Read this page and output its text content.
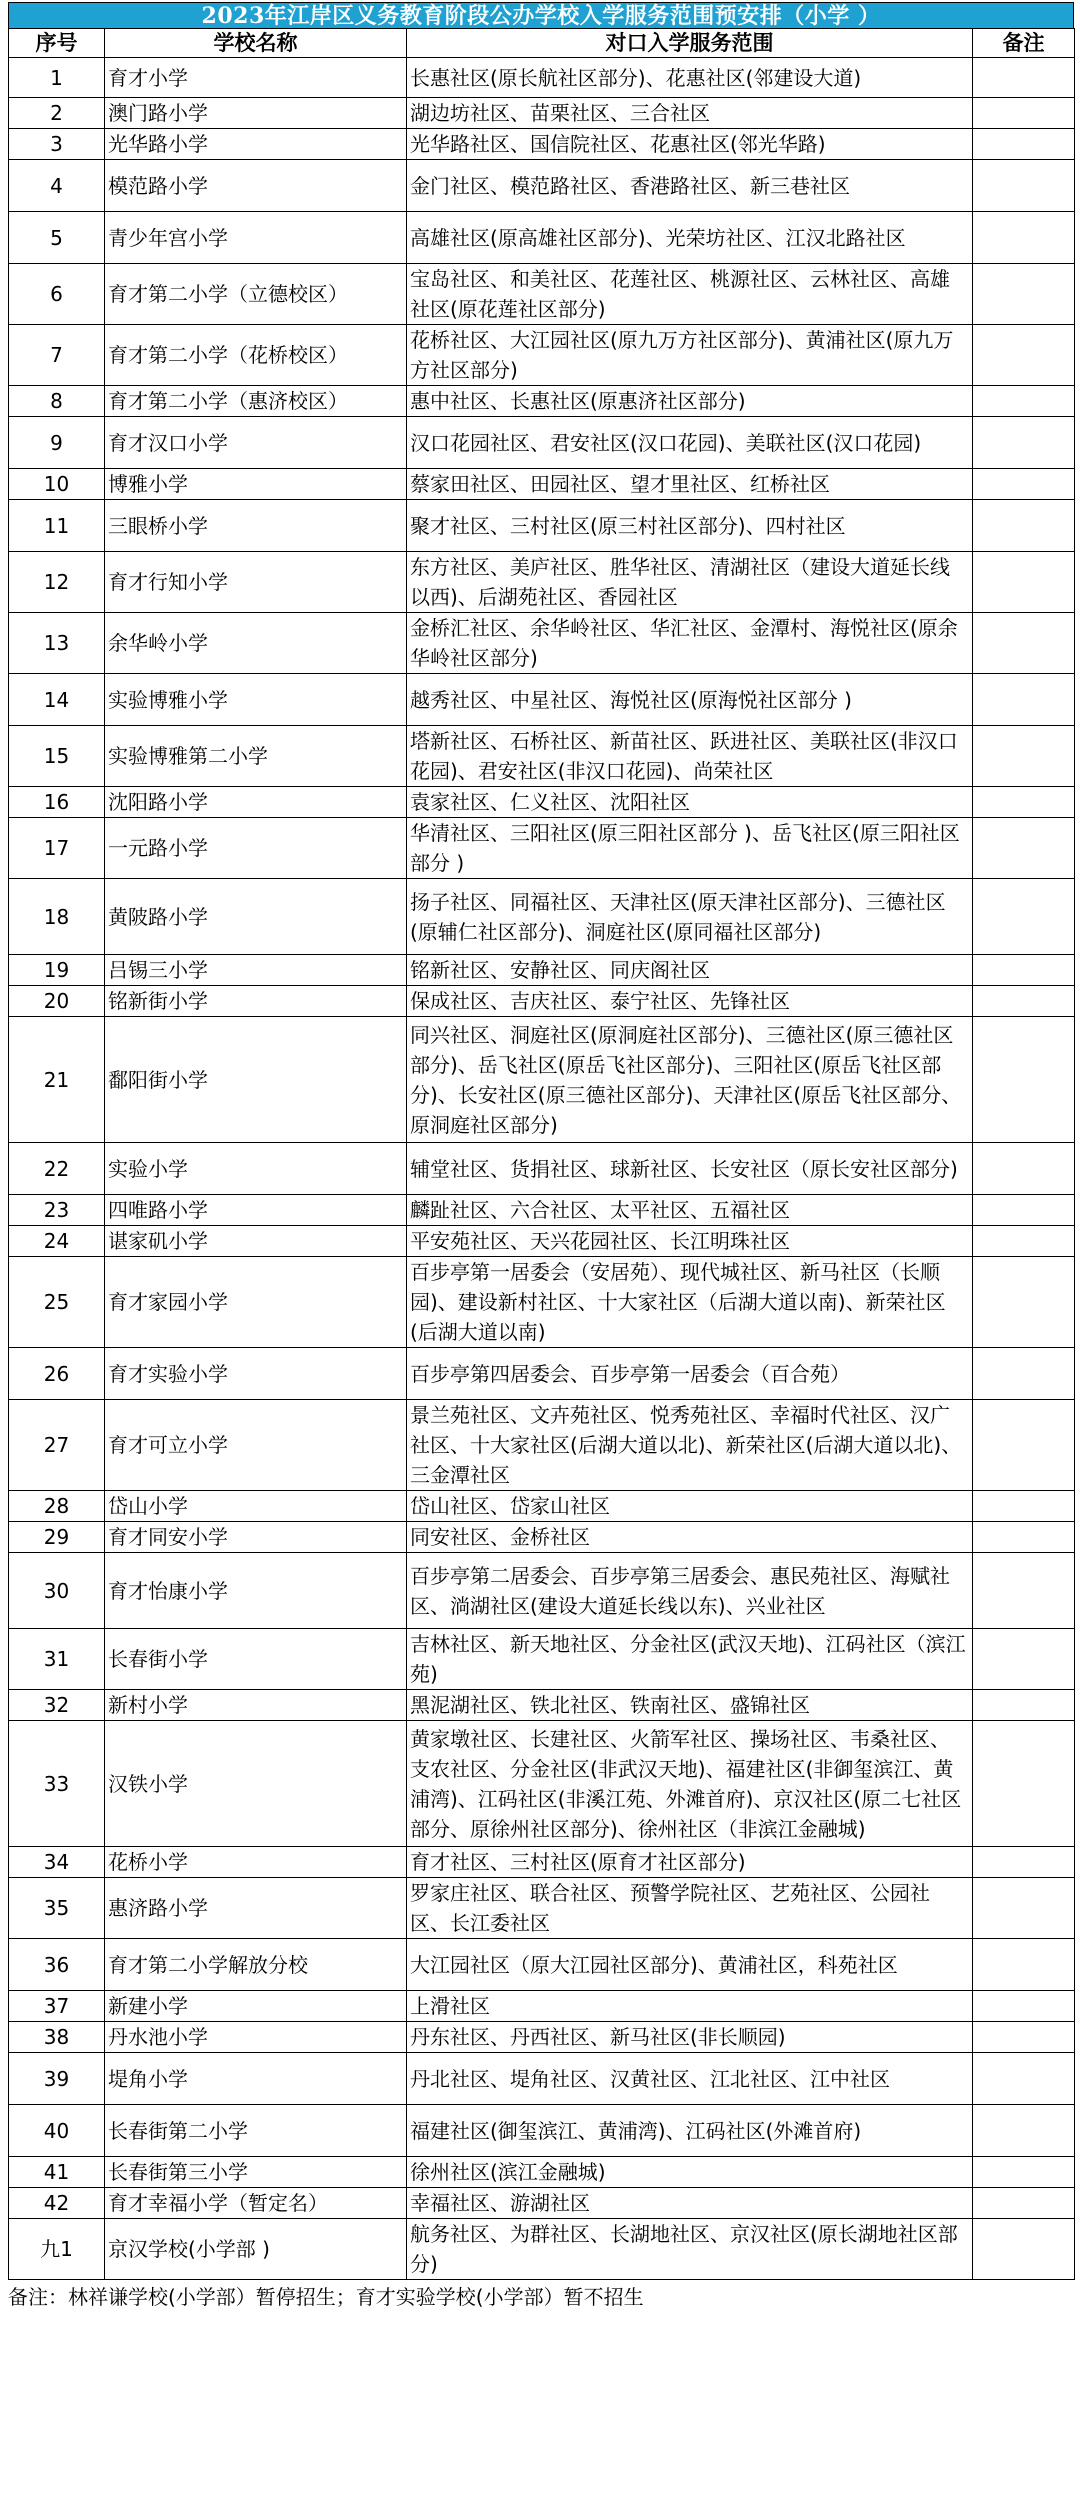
2023年江岸区义务教育阶段公办学校入学服务范围预安排（小学 ）
序号	学校名称	对口入学服务范围	备注
1	育才小学	长惠社区(原长航社区部分)、花惠社区(邻建设大道)	
2	澳门路小学	湖边坊社区、苗栗社区、三合社区	
3	光华路小学	光华路社区、国信院社区、花惠社区(邻光华路)	
4	模范路小学	金门社区、模范路社区、香港路社区、新三巷社区	
5	青少年宫小学	高雄社区(原高雄社区部分)、光荣坊社区、江汉北路社区	
6	育才第二小学（立德校区）	宝岛社区、和美社区、花莲社区、桃源社区、云林社区、高雄社区(原花莲社区部分)	
7	育才第二小学（花桥校区）	花桥社区、大江园社区(原九万方社区部分)、黄浦社区(原九万方社区部分)	
8	育才第二小学（惠济校区）	惠中社区、长惠社区(原惠济社区部分)	
9	育才汉口小学	汉口花园社区、君安社区(汉口花园)、美联社区(汉口花园)	
10	博雅小学	蔡家田社区、田园社区、望才里社区、红桥社区	
11	三眼桥小学	聚才社区、三村社区(原三村社区部分)、四村社区	
12	育才行知小学	东方社区、美庐社区、胜华社区、清湖社区（建设大道延长线以西)、后湖苑社区、香园社区	
13	余华岭小学	金桥汇社区、余华岭社区、华汇社区、金潭村、海悦社区(原余华岭社区部分)	
14	实验博雅小学	越秀社区、中星社区、海悦社区(原海悦社区部分 )	
15	实验博雅第二小学	塔新社区、石桥社区、新苗社区、跃进社区、美联社区(非汉口花园)、君安社区(非汉口花园)、尚荣社区	
16	沈阳路小学	袁家社区、仁义社区、沈阳社区	
17	一元路小学	华清社区、三阳社区(原三阳社区部分 )、岳飞社区(原三阳社区部分 )	
18	黄陂路小学	扬子社区、同福社区、天津社区(原天津社区部分)、三德社区(原辅仁社区部分)、洞庭社区(原同福社区部分)	
19	吕锡三小学	铭新社区、安静社区、同庆阁社区	
20	铭新街小学	保成社区、吉庆社区、泰宁社区、先锋社区	
21	鄱阳街小学	同兴社区、洞庭社区(原洞庭社区部分)、三德社区(原三德社区部分)、岳飞社区(原岳飞社区部分)、三阳社区(原岳飞社区部分)、长安社区(原三德社区部分)、天津社区(原岳飞社区部分、原洞庭社区部分)	
22	实验小学	辅堂社区、货捐社区、球新社区、长安社区（原长安社区部分)	
23	四唯路小学	麟趾社区、六合社区、太平社区、五福社区	
24	谌家矶小学	平安苑社区、天兴花园社区、长江明珠社区	
25	育才家园小学	百步亭第一居委会（安居苑）、现代城社区、新马社区（长顺园)、建设新村社区、十大家社区（后湖大道以南)、新荣社区(后湖大道以南)	
26	育才实验小学	百步亭第四居委会、百步亭第一居委会（百合苑）	
27	育才可立小学	景兰苑社区、文卉苑社区、悦秀苑社区、幸福时代社区、汉广社区、十大家社区(后湖大道以北)、新荣社区(后湖大道以北)、三金潭社区	
28	岱山小学	岱山社区、岱家山社区	
29	育才同安小学	同安社区、金桥社区	
30	育才怡康小学	百步亭第二居委会、百步亭第三居委会、惠民苑社区、海赋社区、淌湖社区(建设大道延长线以东)、兴业社区	
31	长春街小学	吉林社区、新天地社区、分金社区(武汉天地)、江码社区（滨江苑)	
32	新村小学	黑泥湖社区、铁北社区、铁南社区、盛锦社区	
33	汉铁小学	黄家墩社区、长建社区、火箭军社区、操场社区、韦桑社区、支农社区、分金社区(非武汉天地)、福建社区(非御玺滨江、黄浦湾)、江码社区(非溪江苑、外滩首府)、京汉社区(原二七社区部分、原徐州社区部分)、徐州社区（非滨江金融城)	
34	花桥小学	育才社区、三村社区(原育才社区部分)	
35	惠济路小学	罗家庄社区、联合社区、预警学院社区、艺苑社区、公园社区、长江委社区	
36	育才第二小学解放分校	大江园社区（原大江园社区部分)、黄浦社区，科苑社区	
37	新建小学	上滑社区	
38	丹水池小学	丹东社区、丹西社区、新马社区(非长顺园)	
39	堤角小学	丹北社区、堤角社区、汉黄社区、江北社区、江中社区	
40	长春街第二小学	福建社区(御玺滨江、黄浦湾)、江码社区(外滩首府)	
41	长春街第三小学	徐州社区(滨江金融城)	
42	育才幸福小学（暂定名）	幸福社区、游湖社区	
九1	京汉学校(小学部 )	航务社区、为群社区、长湖地社区、京汉社区(原长湖地社区部分)	
备注：林祥谦学校(小学部）暂停招生；育才实验学校(小学部）暂不招生
